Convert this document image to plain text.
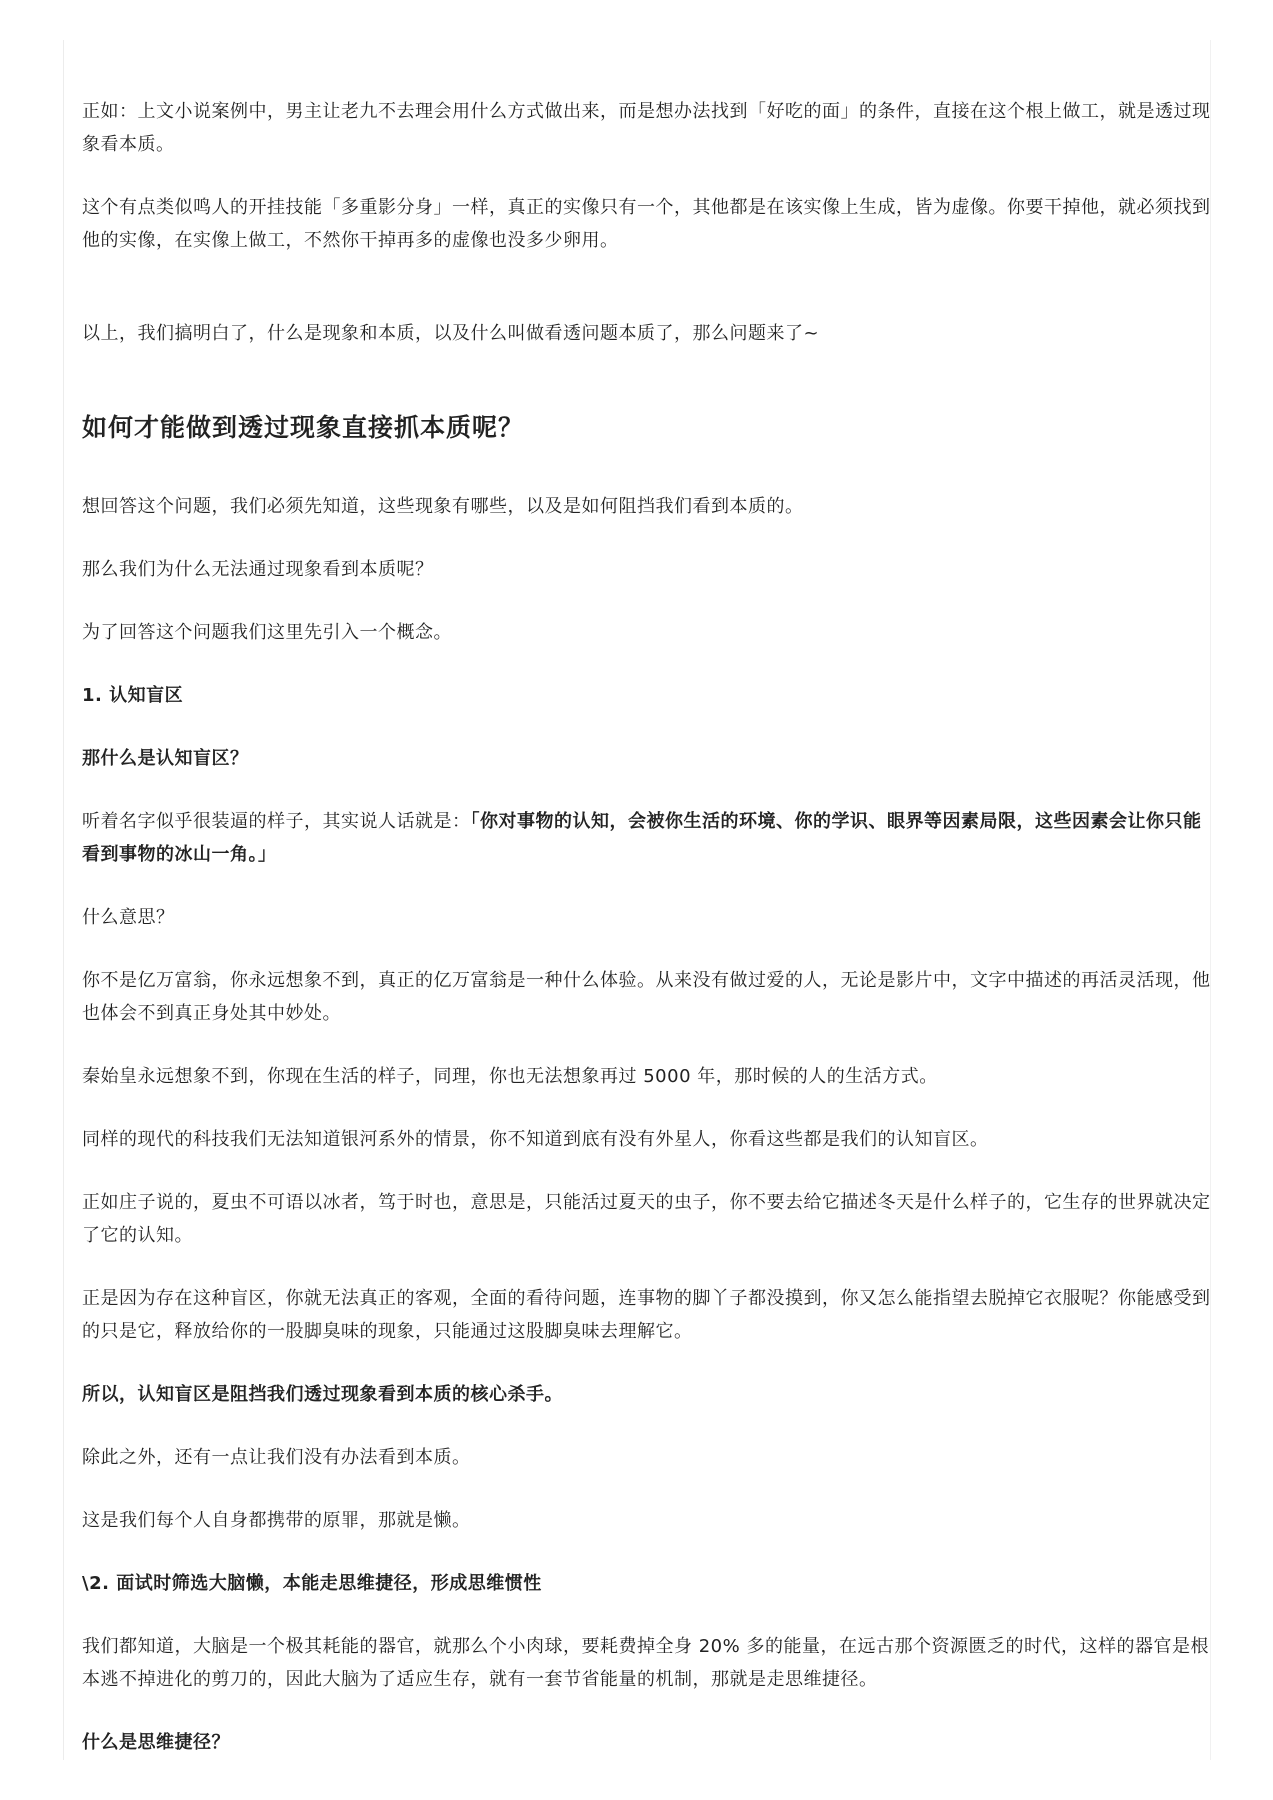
正如：上文小说案例中，男主让老九不去理会用什么方式做出来，而是想办法找到「好吃的面」的条件，直接在这个根上做工，就是透过现象看本质。

这个有点类似鸣人的开挂技能「多重影分身」一样，真正的实像只有一个，其他都是在该实像上生成，皆为虚像。你要干掉他，就必须找到他的实像，在实像上做工，不然你干掉再多的虚像也没多少卵用。

以上，我们搞明白了，什么是现象和本质，以及什么叫做看透问题本质了，那么问题来了~

如何才能做到透过现象直接抓本质呢？

想回答这个问题，我们必须先知道，这些现象有哪些，以及是如何阻挡我们看到本质的。

那么我们为什么无法通过现象看到本质呢？

为了回答这个问题我们这里先引入一个概念。

1. 认知盲区

那什么是认知盲区？

听着名字似乎很装逼的样子，其实说人话就是：「你对事物的认知，会被你生活的环境、你的学识、眼界等因素局限，这些因素会让你只能看到事物的冰山一角。」

什么意思？

你不是亿万富翁，你永远想象不到，真正的亿万富翁是一种什么体验。从来没有做过爱的人，无论是影片中，文字中描述的再活灵活现，他也体会不到真正身处其中妙处。

秦始皇永远想象不到，你现在生活的样子，同理，你也无法想象再过 5000 年，那时候的人的生活方式。

同样的现代的科技我们无法知道银河系外的情景，你不知道到底有没有外星人，你看这些都是我们的认知盲区。

正如庄子说的，夏虫不可语以冰者，笃于时也，意思是，只能活过夏天的虫子，你不要去给它描述冬天是什么样子的，它生存的世界就决定了它的认知。

正是因为存在这种盲区，你就无法真正的客观，全面的看待问题，连事物的脚丫子都没摸到，你又怎么能指望去脱掉它衣服呢？你能感受到的只是它，释放给你的一股脚臭味的现象，只能通过这股脚臭味去理解它。

所以，认知盲区是阻挡我们透过现象看到本质的核心杀手。

除此之外，还有一点让我们没有办法看到本质。

这是我们每个人自身都携带的原罪，那就是懒。

\2. 面试时筛选大脑懒，本能走思维捷径，形成思维惯性

我们都知道，大脑是一个极其耗能的器官，就那么个小肉球，要耗费掉全身 20% 多的能量，在远古那个资源匮乏的时代，这样的器官是根本逃不掉进化的剪刀的，因此大脑为了适应生存，就有一套节省能量的机制，那就是走思维捷径。

什么是思维捷径？
